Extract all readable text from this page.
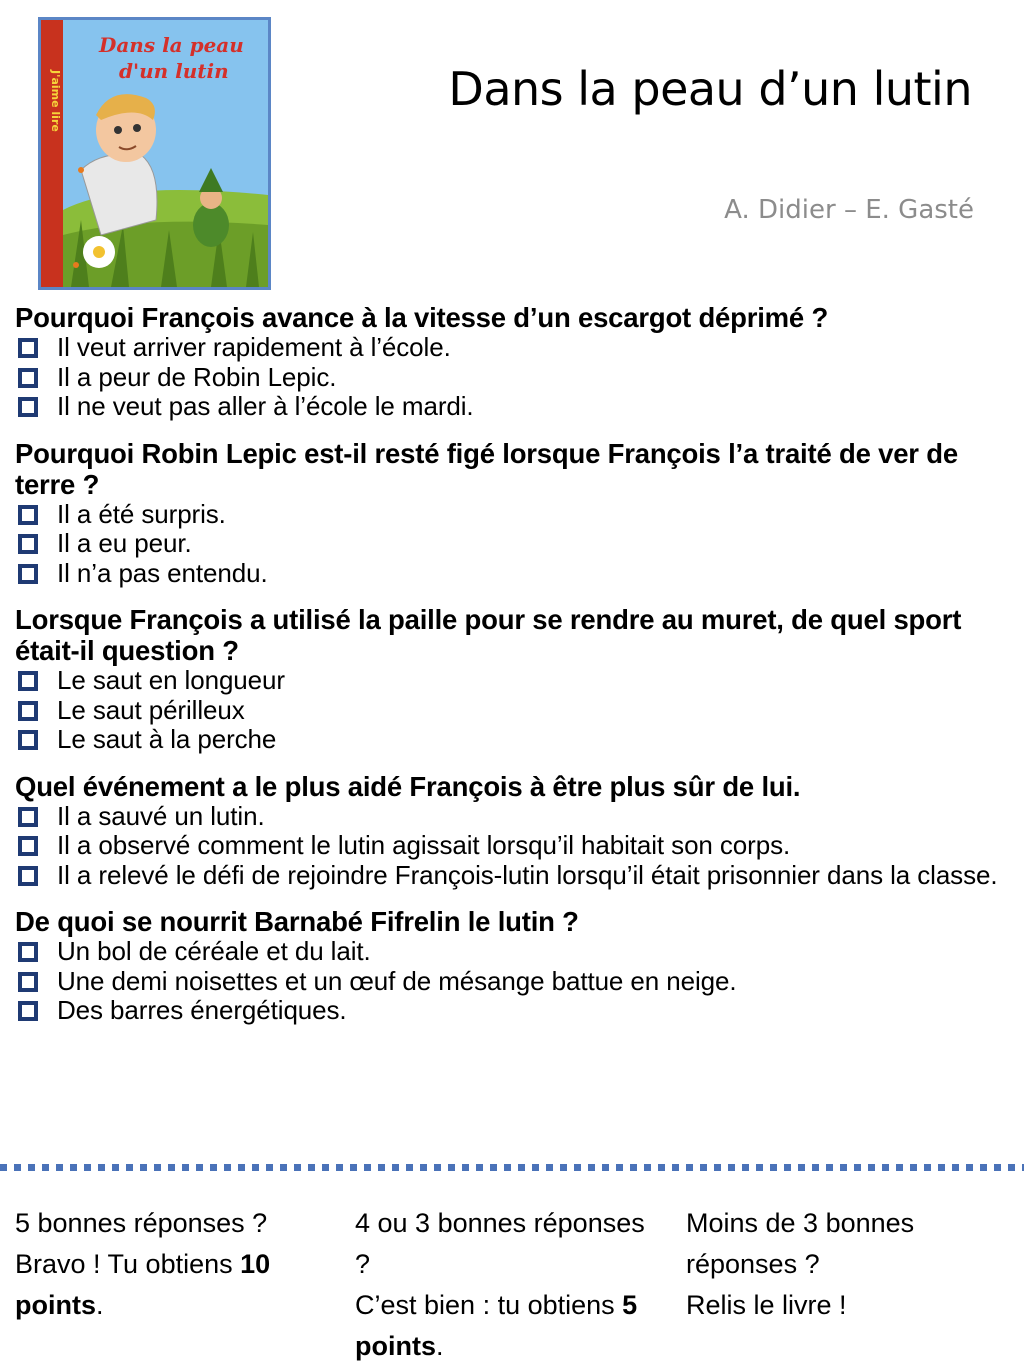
J'aime lire
Dans la peau
d'un lutin	Dans la peau d’un lutin
A. Didier – E. Gasté
Pourquoi François avance à la vitesse d’un escargot déprimé ?
Il veut arriver rapidement à l’école.
Il a peur de Robin Lepic.
Il ne veut pas aller à l’école le mardi.
Pourquoi Robin Lepic est-il resté figé lorsque François l’a traité de ver de terre ?
Il a été surpris.
Il a eu peur.
Il n’a pas entendu.
Lorsque François a utilisé la paille pour se rendre au muret, de quel sport était-il question ?
Le saut en longueur
Le saut périlleux
Le saut à la perche
Quel événement a le plus aidé François à être plus sûr de lui.
Il a sauvé un lutin.
Il a observé comment le lutin agissait lorsqu’il habitait son corps.
Il a relevé le défi de rejoindre François-lutin lorsqu’il était prisonnier dans la classe.
De quoi se nourrit Barnabé Fifrelin le lutin ?
Un bol de céréale et du lait.
Une demi noisettes et un œuf de mésange battue en neige.
Des barres énergétiques.
5 bonnes réponses ?
Bravo ! Tu obtiens 10
points.
4 ou 3 bonnes réponses ?
C’est bien : tu obtiens 5 points.
Moins de 3 bonnes réponses ?
Relis le livre !
